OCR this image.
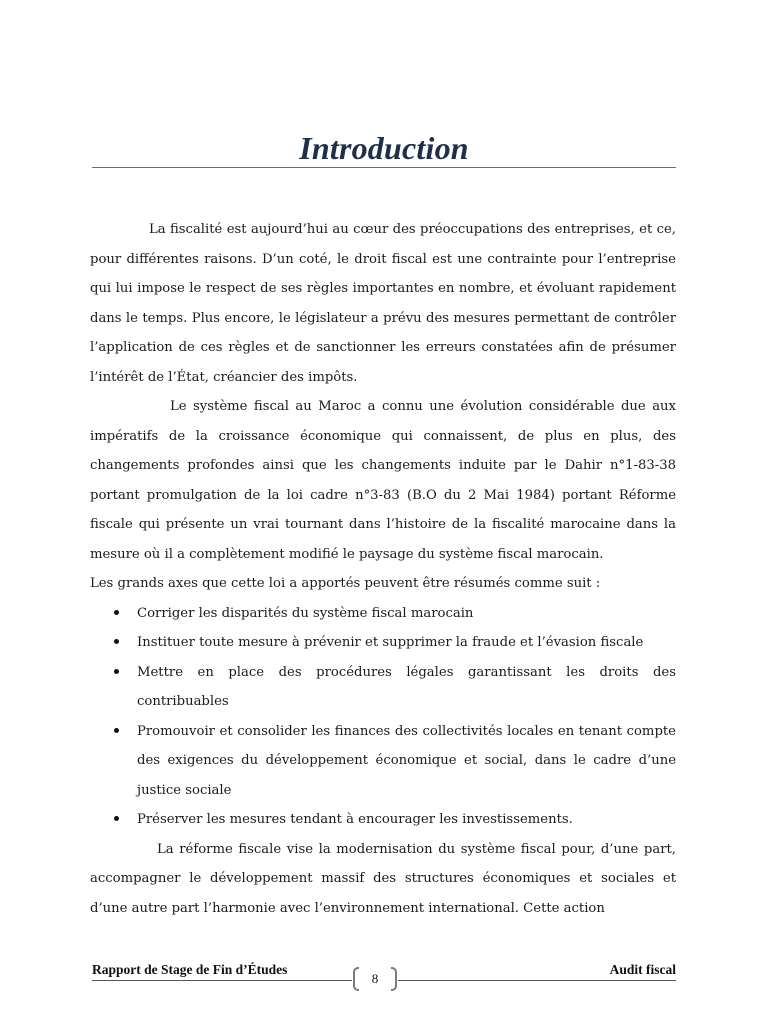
Introduction

La fiscalité est aujourd’hui au cœur des préoccupations des entreprises, et ce, pour différentes raisons. D’un coté, le droit fiscal est une contrainte pour l’entreprise qui lui impose le respect de ses règles importantes en nombre, et évoluant rapidement dans le temps. Plus encore, le législateur a prévu des mesures permettant de contrôler l’application de ces règles et de sanctionner les erreurs constatées afin de présumer l’intérêt de l’État, créancier des impôts.

Le système fiscal au Maroc a connu une évolution considérable due aux impératifs de la croissance économique qui connaissent, de plus en plus, des changements profondes ainsi que les changements induite par le Dahir n°1-83-38 portant promulgation de la loi cadre n°3-83 (B.O du 2 Mai 1984) portant Réforme fiscale qui présente un vrai tournant dans l’histoire de la fiscalité marocaine dans la mesure où il a complètement modifié le paysage du système fiscal marocain.

Les grands axes que cette loi a apportés peuvent être résumés comme suit :

Corriger les disparités du système fiscal marocain
Instituer toute mesure à prévenir et supprimer la fraude et l’évasion fiscale
Mettre en place des procédures légales garantissant les droits des contribuables
Promouvoir et consolider les finances des collectivités locales en tenant compte des exigences du développement économique et social, dans le cadre d’une justice sociale
Préserver les mesures tendant à encourager les investissements.

La réforme fiscale vise la modernisation du système fiscal pour, d’une part, accompagner le développement massif des structures économiques et sociales et d’une autre part l’harmonie avec l’environnement international. Cette action

Rapport de Stage de Fin d’Études	Audit fiscal
8
